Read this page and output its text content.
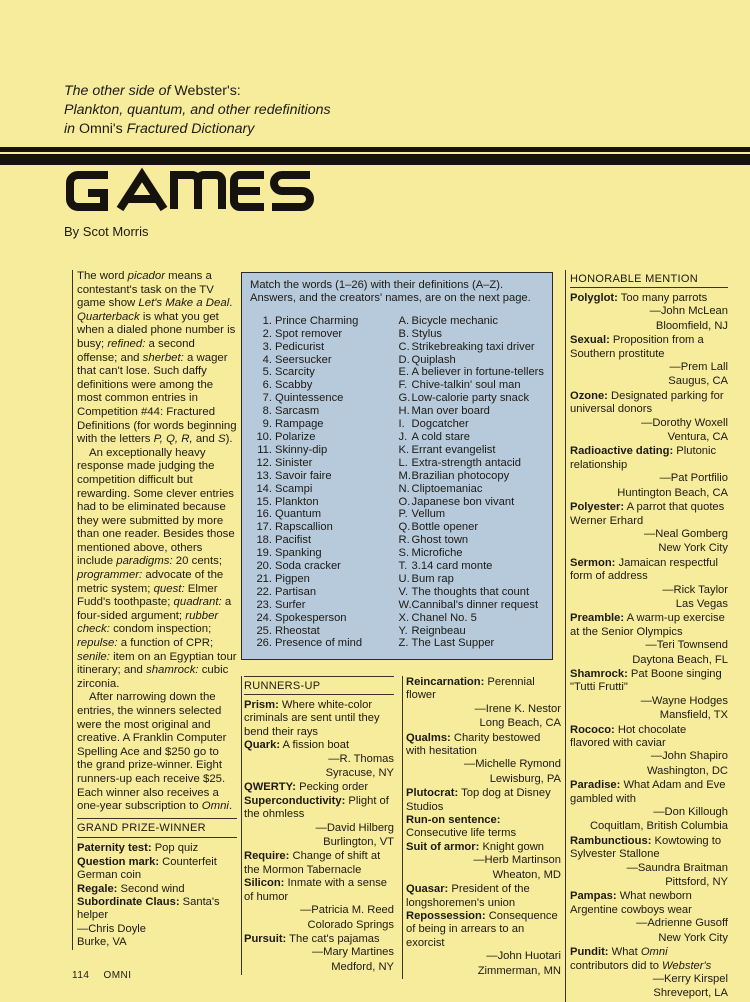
The other side of Webster's:
Plankton, quantum, and other redefinitions
in Omni's Fractured Dictionary
GAMES
By Scot Morris

The word picador means a contestant's task on the TV game show Let's Make a Deal. Quarterback is what you get when a dialed phone number is busy; refined: a second offense; and sherbet: a wager that can't lose. Such daffy definitions were among the most common entries in Competition #44: Fractured Definitions (for words beginning with the letters P, Q, R, and S).

An exceptionally heavy response made judging the competition difficult but rewarding. Some clever entries had to be eliminated because they were submitted by more than one reader. Besides those mentioned above, others include paradigms: 20 cents; programmer: advocate of the metric system; quest: Elmer Fudd's toothpaste; quadrant: a four-sided argument; rubber check: condom inspection; repulse: a function of CPR; senile: item on an Egyptian tour itinerary; and shamrock: cubic zirconia.

After narrowing down the entries, the winners selected were the most original and creative. A Franklin Computer Spelling Ace and $250 go to the grand prize-winner. Eight runners-up each receive $25. Each winner also receives a one-year subscription to Omni.

GRAND PRIZE-WINNER

Paternity test: Pop quiz

Question mark: Counterfeit German coin

Regale: Second wind

Subordinate Claus: Santa's helper

—Chris Doyle

Burke, VA

Match the words (1–26) with their definitions (A–Z). Answers, and the creators' names, are on the next page.

1. Prince Charming
2. Spot remover
3. Pedicurist
4. Seersucker
5. Scarcity
6. Scabby
7. Quintessence
8. Sarcasm
9. Rampage
10. Polarize
11. Skinny-dip
12. Sinister
13. Savoir faire
14. Scampi
15. Plankton
16. Quantum
17. Rapscallion
18. Pacifist
19. Spanking
20. Soda cracker
21. Pigpen
22. Partisan
23. Surfer
24. Spokesperson
25. Rheostat
26. Presence of mind
A. Bicycle mechanic
B. Stylus
C. Strikebreaking taxi driver
D. Quiplash
E. A believer in fortune-tellers
F. Chive-talkin' soul man
G.Low-calorie party snack
H. Man over board
I. Dogcatcher
J. A cold stare
K. Errant evangelist
L. Extra-strength antacid
M.Brazilian photocopy
N. Cliptoemaniac
O.Japanese bon vivant
P. Vellum
Q.Bottle opener
R. Ghost town
S. Microfiche
T. 3.14 card monte
U. Bum rap
V. The thoughts that count
W.Cannibal's dinner request
X. Chanel No. 5
Y. Reignbeau
Z. The Last Supper
RUNNERS-UP

Prism: Where white-color criminals are sent until they bend their rays

Quark: A fission boat

—R. Thomas

Syracuse, NY

QWERTY: Pecking order

Superconductivity: Plight of the ohmless

—David Hilberg

Burlington, VT

Require: Change of shift at the Mormon Tabernacle

Silicon: Inmate with a sense of humor

—Patricia M. Reed

Colorado Springs

Pursuit: The cat's pajamas

—Mary Martines

Medford, NY

Reincarnation: Perennial flower

—Irene K. Nestor

Long Beach, CA

Qualms: Charity bestowed with hesitation

—Michelle Rymond

Lewisburg, PA

Plutocrat: Top dog at Disney Studios

Run-on sentence: Consecutive life terms

Suit of armor: Knight gown

—Herb Martinson

Wheaton, MD

Quasar: President of the longshoremen's union

Repossession: Consequence of being in arrears to an exorcist

—John Huotari

Zimmerman, MN

HONORABLE MENTION

Polyglot: Too many parrots

—John McLean

Bloomfield, NJ

Sexual: Proposition from a Southern prostitute

—Prem Lall

Saugus, CA

Ozone: Designated parking for universal donors

—Dorothy Woxell

Ventura, CA

Radioactive dating: Plutonic relationship

—Pat Portfilio

Huntington Beach, CA

Polyester: A parrot that quotes Werner Erhard

—Neal Gomberg

New York City

Sermon: Jamaican respectful form of address

—Rick Taylor

Las Vegas

Preamble: A warm-up exercise at the Senior Olympics

—Teri Townsend

Daytona Beach, FL

Shamrock: Pat Boone singing "Tutti Frutti"

—Wayne Hodges

Mansfield, TX

Rococo: Hot chocolate flavored with caviar

—John Shapiro

Washington, DC

Paradise: What Adam and Eve gambled with

—Don Killough

Coquitlam, British Columbia

Rambunctious: Kowtowing to Sylvester Stallone

—Saundra Braitman

Pittsford, NY

Pampas: What newborn Argentine cowboys wear

—Adrienne Gusoff

New York City

Pundit: What Omni contributors did to Webster's

—Kerry Kirspel

Shreveport, LA

114 OMNI
